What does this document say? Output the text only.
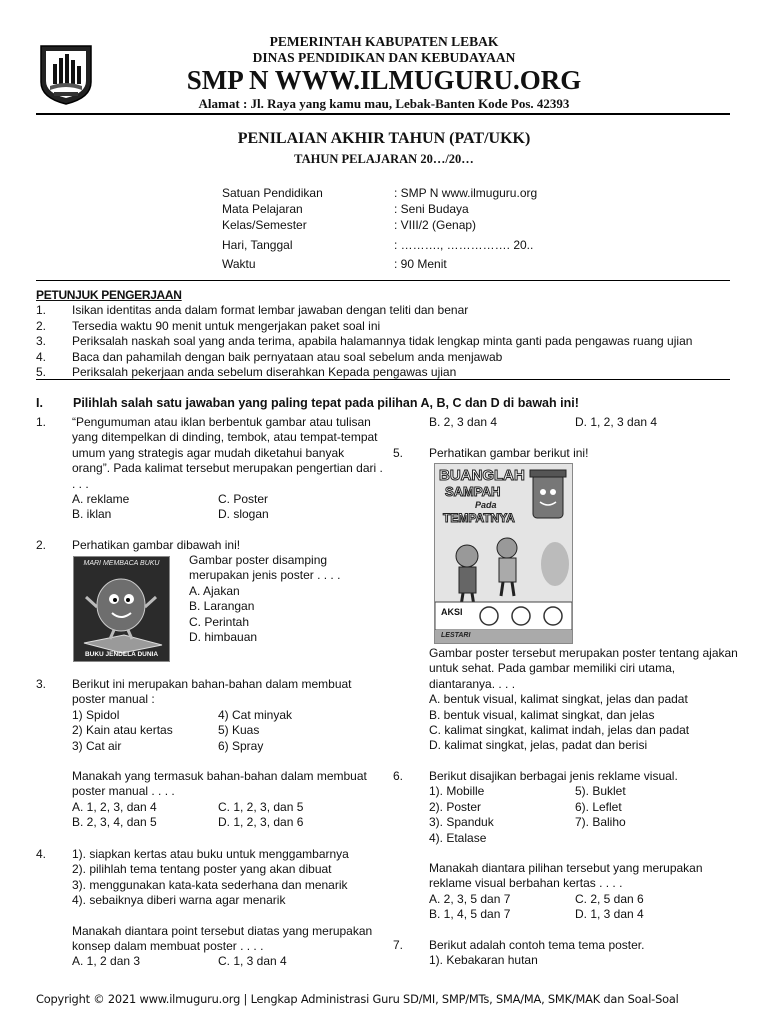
PEMERINTAH KABUPATEN LEBAK
DINAS PENDIDIKAN DAN KEBUDAYAAN
SMP N WWW.ILMUGURU.ORG
Alamat : Jl. Raya yang kamu mau, Lebak-Banten Kode Pos. 42393
PENILAIAN AKHIR TAHUN (PAT/UKK)
TAHUN PELAJARAN 20…/20…
Satuan Pendidikan	: SMP N www.ilmuguru.org
Mata Pelajaran	: Seni Budaya
Kelas/Semester	: VIII/2 (Genap)
Hari, Tanggal	: ………., ……………. 20..
Waktu	: 90 Menit
PETUNJUK PENGERJAAN
1. Isikan identitas anda dalam format lembar jawaban dengan teliti dan benar
2. Tersedia waktu 90 menit untuk mengerjakan paket soal ini
3. Periksalah naskah soal yang anda terima, apabila halamannya tidak lengkap minta ganti pada pengawas ruang ujian
4. Baca dan pahamilah dengan baik pernyataan atau soal sebelum anda menjawab
5. Periksalah pekerjaan anda sebelum diserahkan Kepada pengawas ujian
I. Pilihlah salah satu jawaban yang paling tepat pada pilihan A, B, C dan D di bawah ini!
1. “Pengumuman atau iklan berbentuk gambar atau tulisan
yang ditempelkan di dinding, tembok, atau tempat-tempat
umum yang strategis agar mudah diketahui banyak
orang”. Pada kalimat tersebut merupakan pengertian dari .
. . .
A. reklame	C. Poster
B. iklan	D. slogan
2. Perhatikan gambar dibawah ini!
MARI MEMBACA BUKU
BUKU JENDELA DUNIA
Gambar poster disamping
merupakan jenis poster . . . .
A. Ajakan
B. Larangan
C. Perintah
D. himbauan
3. Berikut ini merupakan bahan-bahan dalam membuat
poster manual :
1) Spidol	4) Cat minyak
2) Kain atau kertas	5) Kuas
3) Cat air	6) Spray
Manakah yang termasuk bahan-bahan dalam membuat
poster manual . . . .
A. 1, 2, 3, dan 4	C. 1, 2, 3, dan 5
B. 2, 3, 4, dan 5	D. 1, 2, 3, dan 6
4. 1). siapkan kertas atau buku untuk menggambarnya
2). pilihlah tema tentang poster yang akan dibuat
3). menggunakan kata-kata sederhana dan menarik
4). sebaiknya diberi warna agar menarik
Manakah diantara point tersebut diatas yang merupakan
konsep dalam membuat poster . . . .
A. 1, 2 dan 3	C. 1, 3 dan 4
B. 2, 3 dan 4	D. 1, 2, 3 dan 4
5. Perhatikan gambar berikut ini!
BUANGLAH
SAMPAH
Pada
TEMPATNYA
AKSI
LESTARI
Gambar poster tersebut merupakan poster tentang ajakan
untuk sehat. Pada gambar memiliki ciri utama,
diantaranya. . . .
A. bentuk visual, kalimat singkat, jelas dan padat
B. bentuk visual, kalimat singkat, dan jelas
C. kalimat singkat, kalimat indah, jelas dan padat
D. kalimat singkat, jelas, padat dan berisi
6. Berikut disajikan berbagai jenis reklame visual.
1). Mobille	5). Buklet
2). Poster	6). Leflet
3). Spanduk	7). Baliho
4). Etalase
Manakah diantara pilihan tersebut yang merupakan
reklame visual berbahan kertas . . . .
A. 2, 3, 5 dan 7	C. 2, 5 dan 6
B. 1, 4, 5 dan 7	D. 1, 3 dan 4
7. Berikut adalah contoh tema tema poster.
1). Kebakaran hutan
Copyright © 2021 www.ilmuguru.org | Lengkap Administrasi Guru SD/MI, SMP/MTs, SMA/MA, SMK/MAK dan Soal-Soal
